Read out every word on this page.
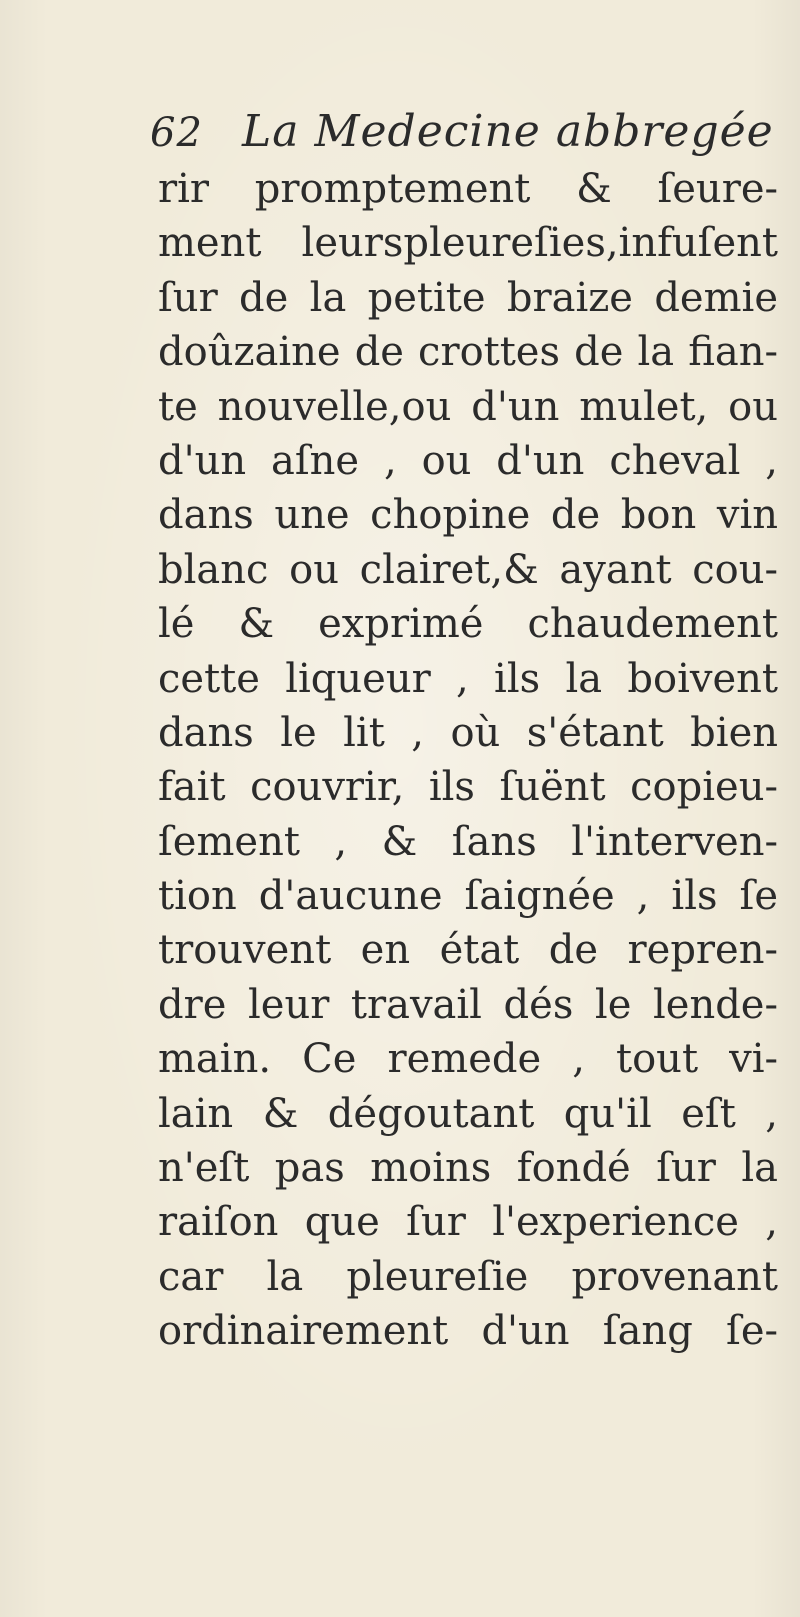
62 La Medecine abbregée
rir promptement & ſeure-
ment leurspleureſies,infuſent
ſur de la petite braize demie
doûzaine de crottes de la fian-
te nouvelle,ou d'un mulet, ou
d'un aſne , ou d'un cheval ,
dans une chopine de bon vin
blanc ou clairet,& ayant cou-
lé & exprimé chaudement
cette liqueur , ils la boivent
dans le lit , où s'étant bien
fait couvrir, ils ſuënt copieu-
ſement , & ſans l'interven-
tion d'aucune ſaignée , ils ſe
trouvent en état de repren-
dre leur travail dés le lende-
main. Ce remede , tout vi-
lain & dégoutant qu'il eſt ,
n'eſt pas moins fondé ſur la
raiſon que ſur l'experience ,
car la pleureſie provenant
ordinairement d'un ſang ſe-
